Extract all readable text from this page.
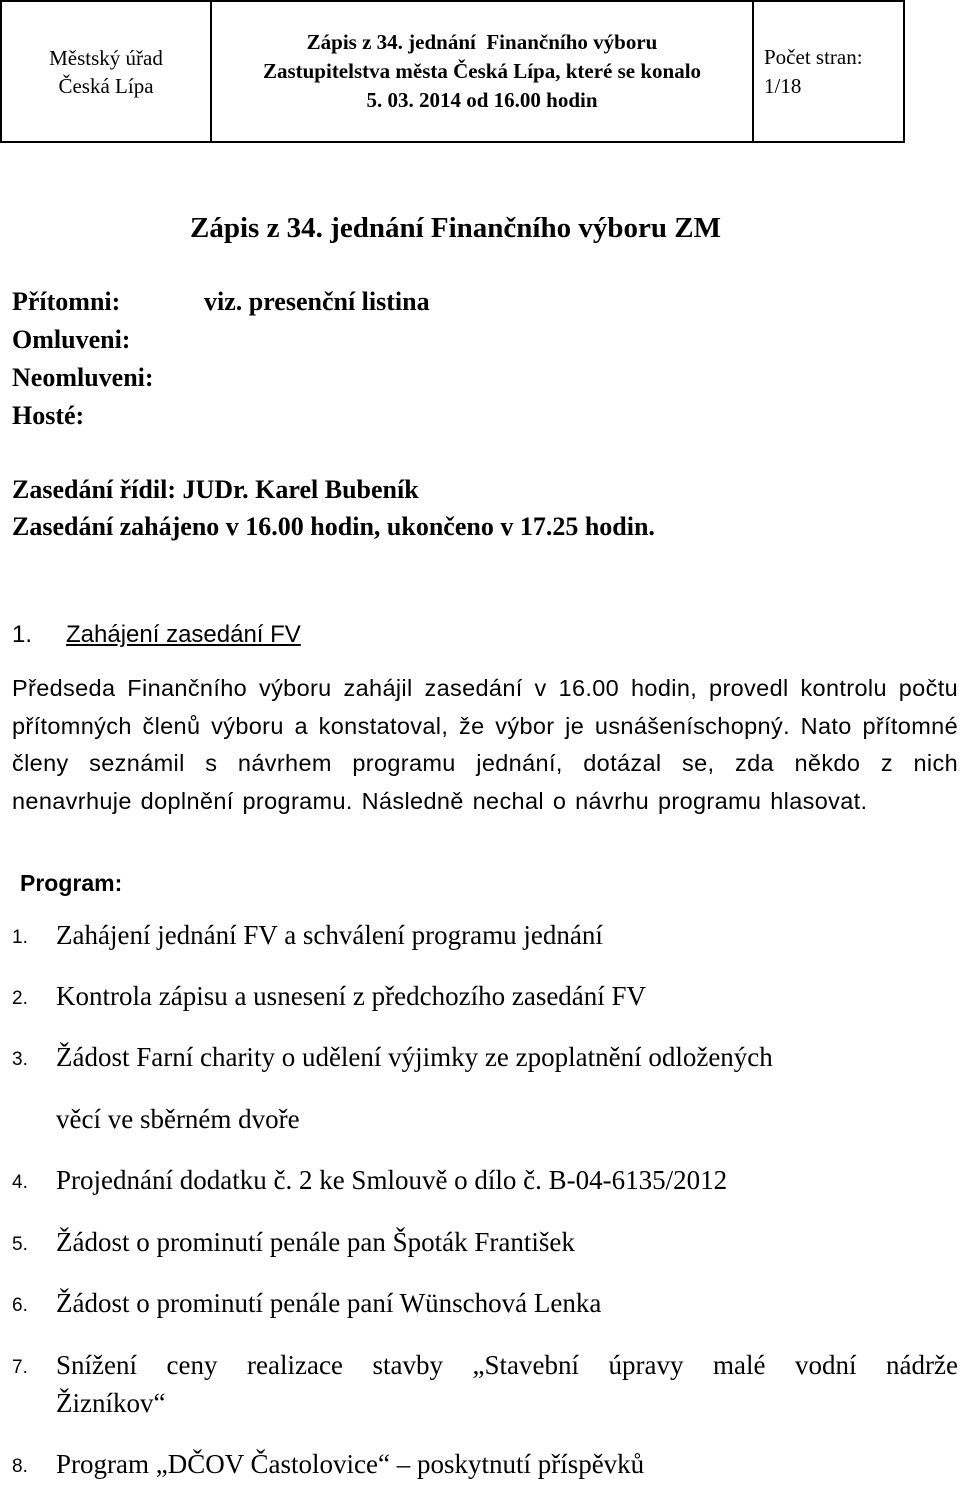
Městský úřad
Česká Lípa

Zápis z 34. jednání  Finančního výboru
Zastupitelstva města Česká Lípa, které se konalo
5. 03. 2014 od 16.00 hodin

Počet stran:
1/18
Zápis z 34. jednání Finančního výboru ZM
Přítomni:	viz. presenční listina
Omluveni:
Neomluveni:
Hosté:
Zasedání řídil: JUDr. Karel Bubeník
Zasedání zahájeno v 16.00 hodin, ukončeno v 17.25 hodin.
1. Zahájení zasedání FV
Předseda Finančního výboru zahájil zasedání v 16.00 hodin, provedl kontrolu počtu přítomných členů výboru a konstatoval, že výbor je usnášeníschopný. Nato přítomné členy seznámil s návrhem programu jednání, dotázal se, zda někdo z nich nenavrhuje doplnění programu. Následně nechal o návrhu programu hlasovat.
Program:
1. Zahájení jednání FV a schválení programu jednání
2. Kontrola zápisu a usnesení z předchozího zasedání FV
3. Žádost Farní charity o udělení výjimky ze zpoplatnění odložených
věcí ve sběrném dvoře
4. Projednání dodatku č. 2 ke Smlouvě o dílo č. B-04-6135/2012
5. Žádost o prominutí penále pan Špoták František
6. Žádost o prominutí penále paní Wünschová Lenka
7. Snížení ceny realizace stavby „Stavební úpravy malé vodní nádrže
Žizníkov“
8. Program „DČOV Častolovice“ – poskytnutí příspěvků
